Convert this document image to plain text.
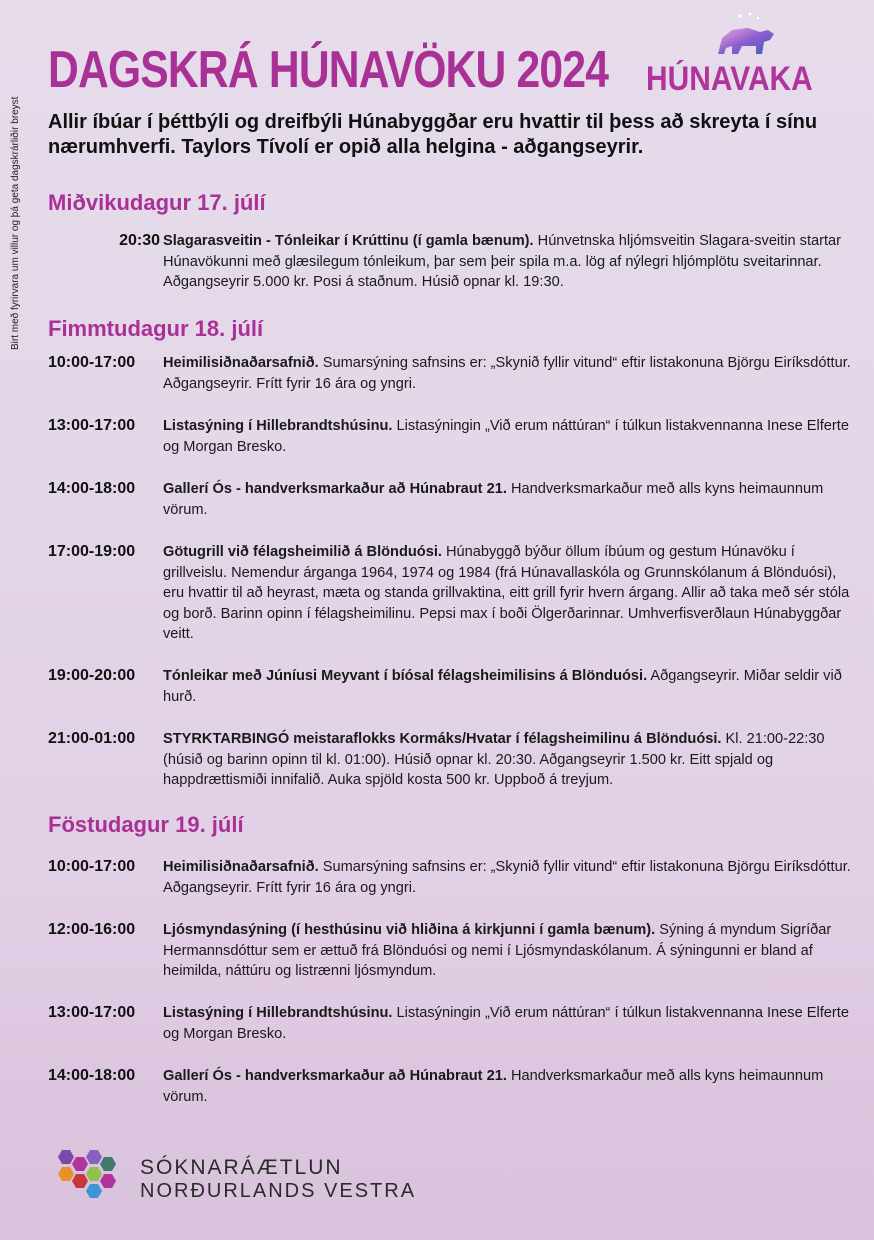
Birt með fyrirvara um villur og þá geta dagskrárliðir breyst
DAGSKRÁ HÚNAVÖKU 2024 HÚNAVAKA
Allir íbúar í þéttbýli og dreifbýli Húnabyggðar eru hvattir til þess að skreyta í sínu nærumhverfi. Taylors Tívolí er opið alla helgina - aðgangseyrir.
Miðvikudagur 17. júlí
20:30 Slagarasveitin - Tónleikar í Krúttinu (í gamla bænum). Húnvetnska hljómsveitin Slagara-sveitin startar Húnavökunni með glæsilegum tónleikum, þar sem þeir spila m.a. lög af nýlegri hljómplötu sveitarinnar. Aðgangseyrir 5.000 kr. Posi á staðnum. Húsið opnar kl. 19:30.
Fimmtudagur 18. júlí
10:00-17:00	Heimilisiðnaðarsafnið. Sumarsýning safnsins er: „Skynið fyllir vitund“ eftir listakonuna Björgu Eiríksdóttur. Aðgangseyrir. Frítt fyrir 16 ára og yngri.
13:00-17:00	Listasýning í Hillebrandtshúsinu. Listasýningin „Við erum náttúran“ í túlkun listakvennanna Inese Elferte og Morgan Bresko.
14:00-18:00	Gallerí Ós - handverksmarkaður að Húnabraut 21. Handverksmarkaður með alls kyns heimaunnum vörum.
17:00-19:00	Götugrill við félagsheimilið á Blönduósi. Húnabyggð býður öllum íbúum og gestum Húnavöku í grillveislu. Nemendur árganga 1964, 1974 og 1984 (frá Húnavallaskóla og Grunnskólanum á Blönduósi), eru hvattir til að heyrast, mæta og standa grillvaktina, eitt grill fyrir hvern árgang. Allir að taka með sér stóla og borð. Barinn opinn í félagsheimilinu. Pepsi max í boði Ölgerðarinnar. Umhverfisverðlaun Húnabyggðar veitt.
19:00-20:00	Tónleikar með Júníusi Meyvant í bíósal félagsheimilisins á Blönduósi. Aðgangseyrir. Miðar seldir við hurð.
21:00-01:00	STYRKTARBINGÓ meistaraflokks Kormáks/Hvatar í félagsheimilinu á Blönduósi. Kl. 21:00-22:30 (húsið og barinn opinn til kl. 01:00). Húsið opnar kl. 20:30. Aðgangseyrir 1.500 kr. Eitt spjald og happdrættismiði innifalið. Auka spjöld kosta 500 kr. Uppboð á treyjum.
Föstudagur 19. júlí
10:00-17:00	Heimilisiðnaðarsafnið. Sumarsýning safnsins er: „Skynið fyllir vitund“ eftir listakonuna Björgu Eiríksdóttur. Aðgangseyrir. Frítt fyrir 16 ára og yngri.
12:00-16:00	Ljósmyndasýning (í hesthúsinu við hliðina á kirkjunni í gamla bænum). Sýning á myndum Sigríðar Hermannsdóttur sem er ættuð frá Blönduósi og nemi í Ljósmyndaskólanum. Á sýningunni er bland af heimilda, náttúru og listrænni ljósmyndum.
13:00-17:00	Listasýning í Hillebrandtshúsinu. Listasýningin „Við erum náttúran“ í túlkun listakvennanna Inese Elferte og Morgan Bresko.
14:00-18:00	Gallerí Ós - handverksmarkaður að Húnabraut 21. Handverksmarkaður með alls kyns heimaunnum vörum.
SÓKNARÁÆTLUN
NORÐURLANDS VESTRA
